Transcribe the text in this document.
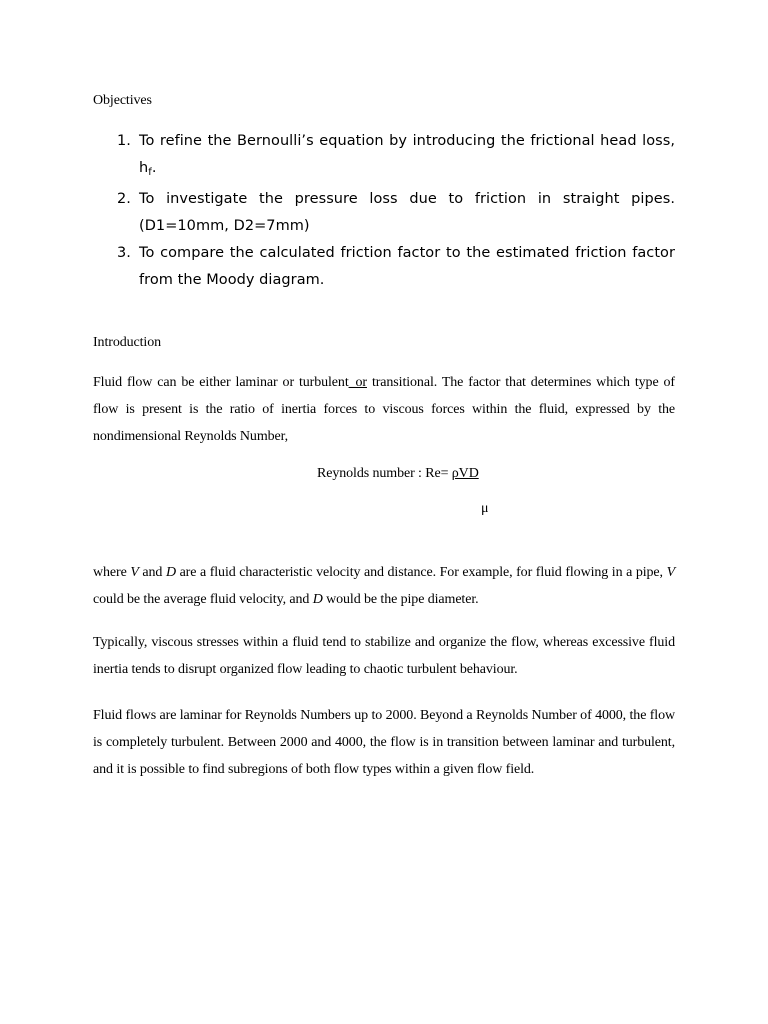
Objectives
1. To refine the Bernoulli’s equation by introducing the frictional head loss, $h_f$.
2. To investigate the pressure loss due to friction in straight pipes. (D1=10mm, D2=7mm)
3. To compare the calculated friction factor to the estimated friction factor from the Moody diagram.
Introduction

Fluid flow can be either laminar or turbulent_or transitional. The factor that determines which type of flow is present is the ratio of inertia forces to viscous forces within the fluid, expressed by the nondimensional Reynolds Number,

Reynolds number : Re= ρVD
μ

where V and D are a fluid characteristic velocity and distance. For example, for fluid flowing in a pipe, V could be the average fluid velocity, and D would be the pipe diameter.

Typically, viscous stresses within a fluid tend to stabilize and organize the flow, whereas excessive fluid inertia tends to disrupt organized flow leading to chaotic turbulent behaviour.

Fluid flows are laminar for Reynolds Numbers up to 2000. Beyond a Reynolds Number of 4000, the flow is completely turbulent. Between 2000 and 4000, the flow is in transition between laminar and turbulent, and it is possible to find subregions of both flow types within a given flow field.
